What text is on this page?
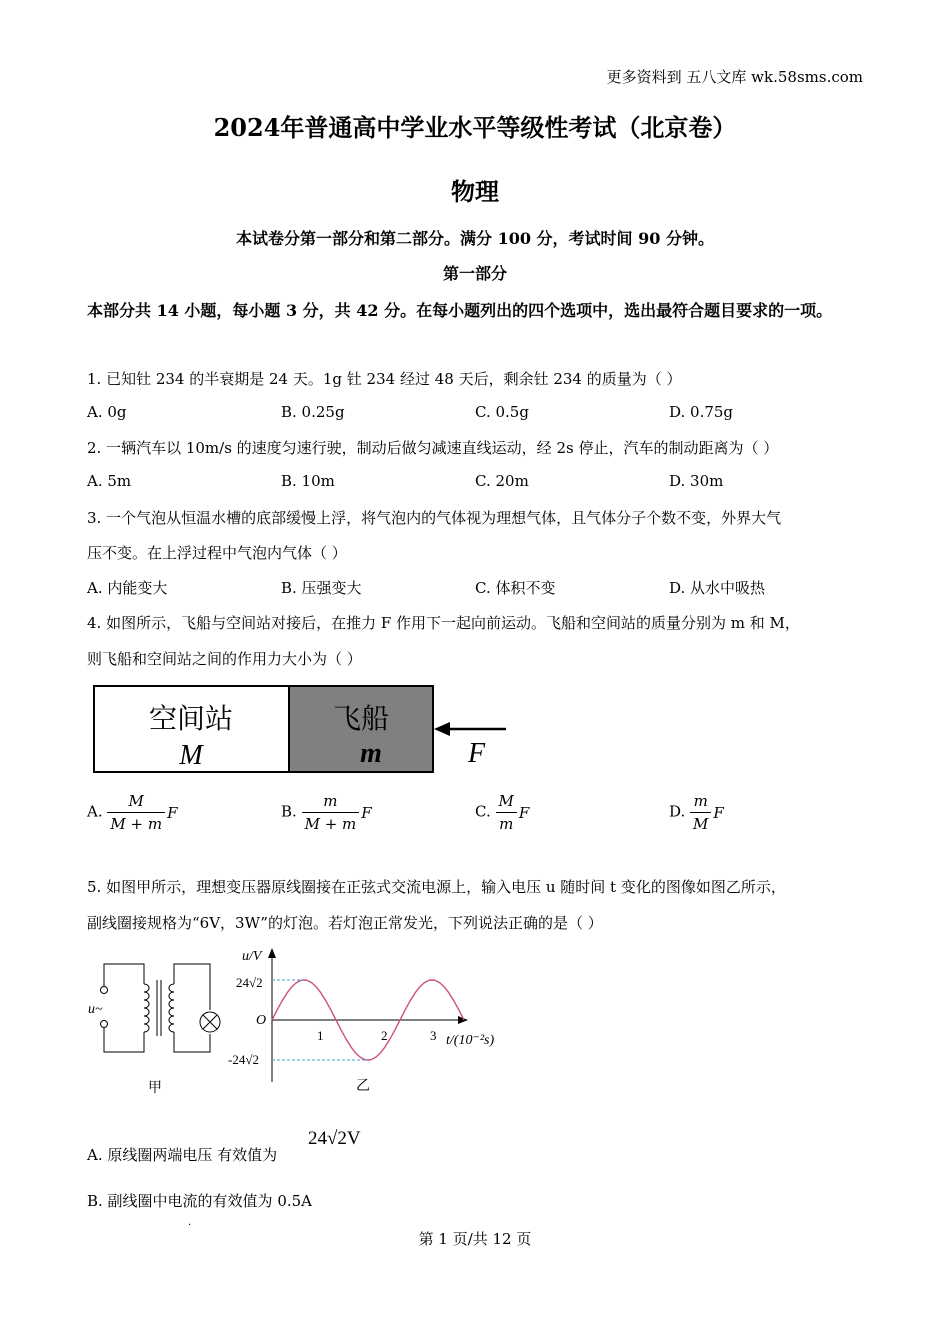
更多资料到 五八文库 wk.58sms.com
2024年普通高中学业水平等级性考试（北京卷）
物理
本试卷分第一部分和第二部分。满分 100 分，考试时间 90 分钟。
第一部分
本部分共 14 小题，每小题 3 分，共 42 分。在每小题列出的四个选项中，选出最符合题目要求的一项。
1. 已知钍 234 的半衰期是 24 天。1g 钍 234 经过 48 天后，剩余钍 234 的质量为（ ）
A. 0g	B. 0.25g	C. 0.5g	D. 0.75g
2. 一辆汽车以 10m/s 的速度匀速行驶，制动后做匀减速直线运动，经 2s 停止，汽车的制动距离为（ ）
A. 5m	B. 10m	C. 20m	D. 30m
3. 一个气泡从恒温水槽的底部缓慢上浮，将气泡内的气体视为理想气体，且气体分子个数不变，外界大气
压不变。在上浮过程中气泡内气体（ ）
A. 内能变大	B. 压强变大	C. 体积不变	D. 从水中吸热
4. 如图所示，飞船与空间站对接后，在推力 F 作用下一起向前运动。飞船和空间站的质量分别为 m 和 M，
则飞船和空间站之间的作用力大小为（ ）
空间站
M
飞船
m	F
A. $\frac{M}{M + m}$ F	B. $\frac{m}{M + m}$ F	C. $\frac{M}{m}$ F	D. $\frac{m}{M}$ F
5. 如图甲所示，理想变压器原线圈接在正弦式交流电源上，输入电压 u 随时间 t 变化的图像如图乙所示，
副线圈接规格为“6V，3W”的灯泡。若灯泡正常发光，下列说法正确的是（ ）
u~
甲
u/V
t/(10⁻²s)
O
24√2
-24√2
1	2	3
乙
A. 原线圈两端电压 有效值为
24√2V
B. 副线圈中电流的有效值为 0.5A
·
第 1 页/共 12 页
